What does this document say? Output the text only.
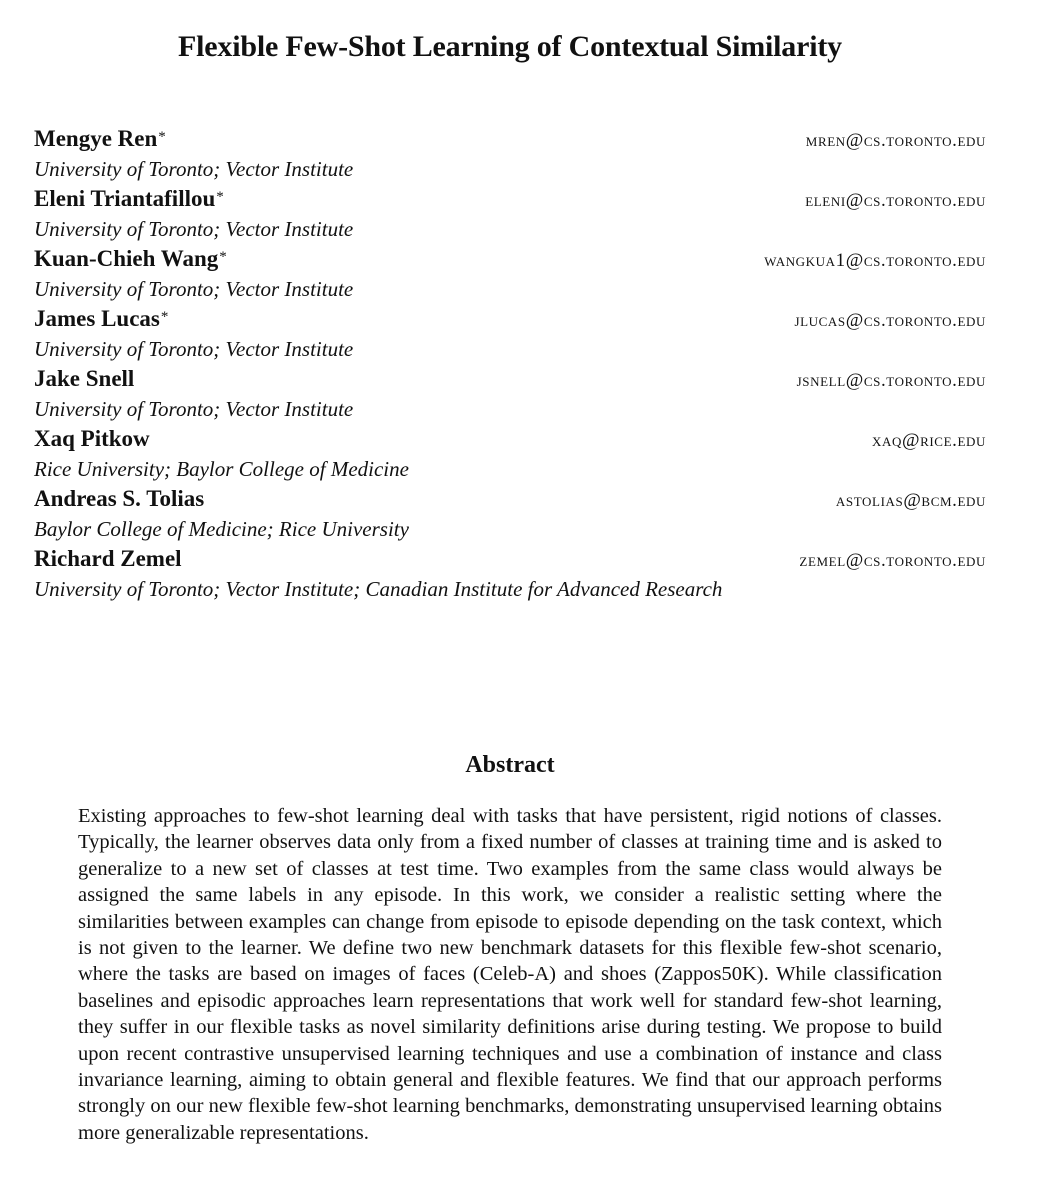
Flexible Few-Shot Learning of Contextual Similarity
Mengye Ren*	mren@cs.toronto.edu
University of Toronto; Vector Institute
Eleni Triantafillou*	eleni@cs.toronto.edu
University of Toronto; Vector Institute
Kuan-Chieh Wang*	wangkua1@cs.toronto.edu
University of Toronto; Vector Institute
James Lucas*	jlucas@cs.toronto.edu
University of Toronto; Vector Institute
Jake Snell	jsnell@cs.toronto.edu
University of Toronto; Vector Institute
Xaq Pitkow	xaq@rice.edu
Rice University; Baylor College of Medicine
Andreas S. Tolias	astolias@bcm.edu
Baylor College of Medicine; Rice University
Richard Zemel	zemel@cs.toronto.edu
University of Toronto; Vector Institute; Canadian Institute for Advanced Research
Abstract
Existing approaches to few-shot learning deal with tasks that have persistent, rigid notions of classes. Typically, the learner observes data only from a fixed number of classes at training time and is asked to generalize to a new set of classes at test time. Two examples from the same class would always be assigned the same labels in any episode. In this work, we consider a realistic setting where the similarities between examples can change from episode to episode depending on the task context, which is not given to the learner. We define two new benchmark datasets for this flexible few-shot scenario, where the tasks are based on images of faces (Celeb-A) and shoes (Zappos50K). While classification baselines and episodic approaches learn representations that work well for standard few-shot learning, they suffer in our flexible tasks as novel similarity definitions arise during testing. We propose to build upon recent contrastive unsupervised learning techniques and use a combination of instance and class invariance learning, aiming to obtain general and flexible features. We find that our approach performs strongly on our new flexible few-shot learning benchmarks, demonstrating unsupervised learning obtains more generalizable representations.
